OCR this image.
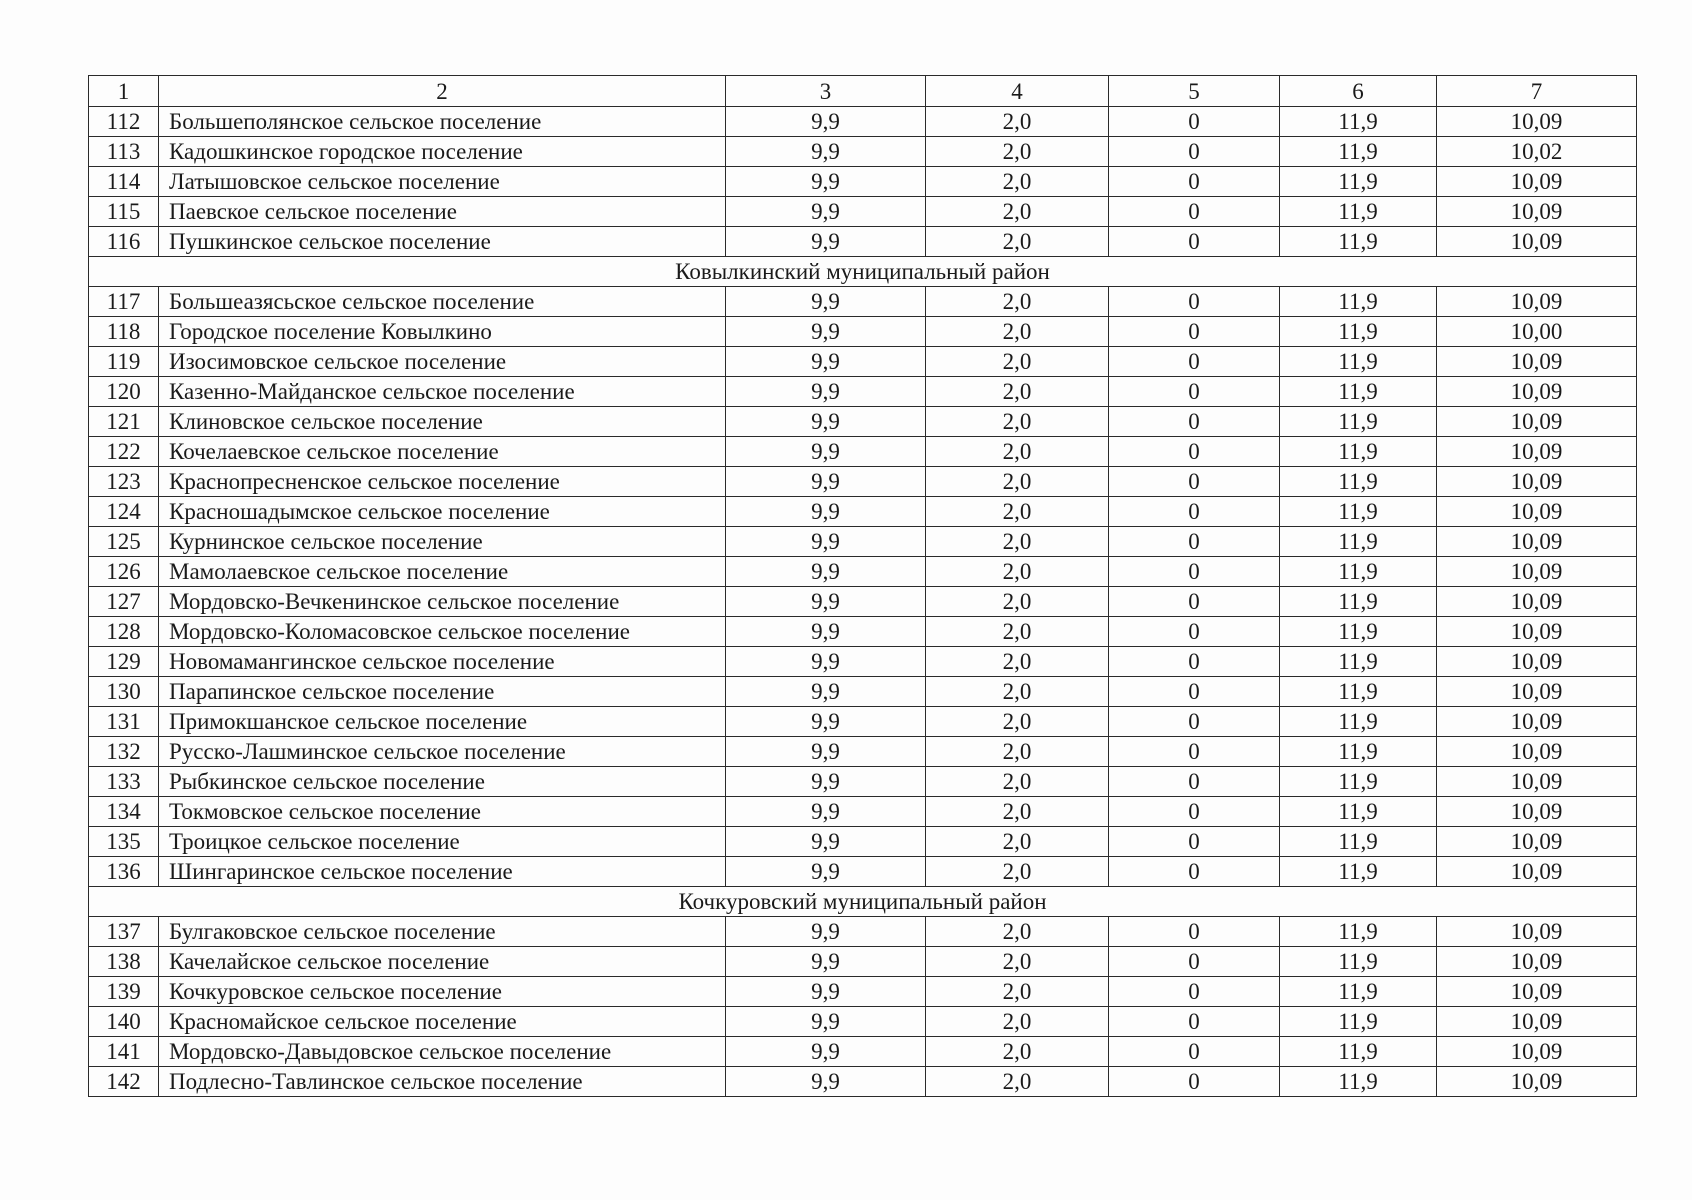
1	2	3	4	5	6	7
112	Большеполянское сельское поселение	9,9	2,0	0	11,9	10,09
113	Кадошкинское городское поселение	9,9	2,0	0	11,9	10,02
114	Латышовское сельское поселение	9,9	2,0	0	11,9	10,09
115	Паевское сельское поселение	9,9	2,0	0	11,9	10,09
116	Пушкинское сельское поселение	9,9	2,0	0	11,9	10,09
Ковылкинский муниципальный район						
117	Большеазясьское сельское поселение	9,9	2,0	0	11,9	10,09
118	Городское поселение Ковылкино	9,9	2,0	0	11,9	10,00
119	Изосимовское сельское поселение	9,9	2,0	0	11,9	10,09
120	Казенно-Майданское сельское поселение	9,9	2,0	0	11,9	10,09
121	Клиновское сельское поселение	9,9	2,0	0	11,9	10,09
122	Кочелаевское сельское поселение	9,9	2,0	0	11,9	10,09
123	Краснопресненское сельское поселение	9,9	2,0	0	11,9	10,09
124	Красношадымское сельское поселение	9,9	2,0	0	11,9	10,09
125	Курнинское сельское поселение	9,9	2,0	0	11,9	10,09
126	Мамолаевское сельское поселение	9,9	2,0	0	11,9	10,09
127	Мордовско-Вечкенинское сельское поселение	9,9	2,0	0	11,9	10,09
128	Мордовско-Коломасовское сельское поселение	9,9	2,0	0	11,9	10,09
129	Новомамангинское сельское поселение	9,9	2,0	0	11,9	10,09
130	Парапинское сельское поселение	9,9	2,0	0	11,9	10,09
131	Примокшанское сельское поселение	9,9	2,0	0	11,9	10,09
132	Русско-Лашминское сельское поселение	9,9	2,0	0	11,9	10,09
133	Рыбкинское сельское поселение	9,9	2,0	0	11,9	10,09
134	Токмовское сельское поселение	9,9	2,0	0	11,9	10,09
135	Троицкое сельское поселение	9,9	2,0	0	11,9	10,09
136	Шингаринское сельское поселение	9,9	2,0	0	11,9	10,09
Кочкуровский муниципальный район						
137	Булгаковское сельское поселение	9,9	2,0	0	11,9	10,09
138	Качелайское сельское поселение	9,9	2,0	0	11,9	10,09
139	Кочкуровское сельское поселение	9,9	2,0	0	11,9	10,09
140	Красномайское сельское поселение	9,9	2,0	0	11,9	10,09
141	Мордовско-Давыдовское сельское поселение	9,9	2,0	0	11,9	10,09
142	Подлесно-Тавлинское сельское поселение	9,9	2,0	0	11,9	10,09
